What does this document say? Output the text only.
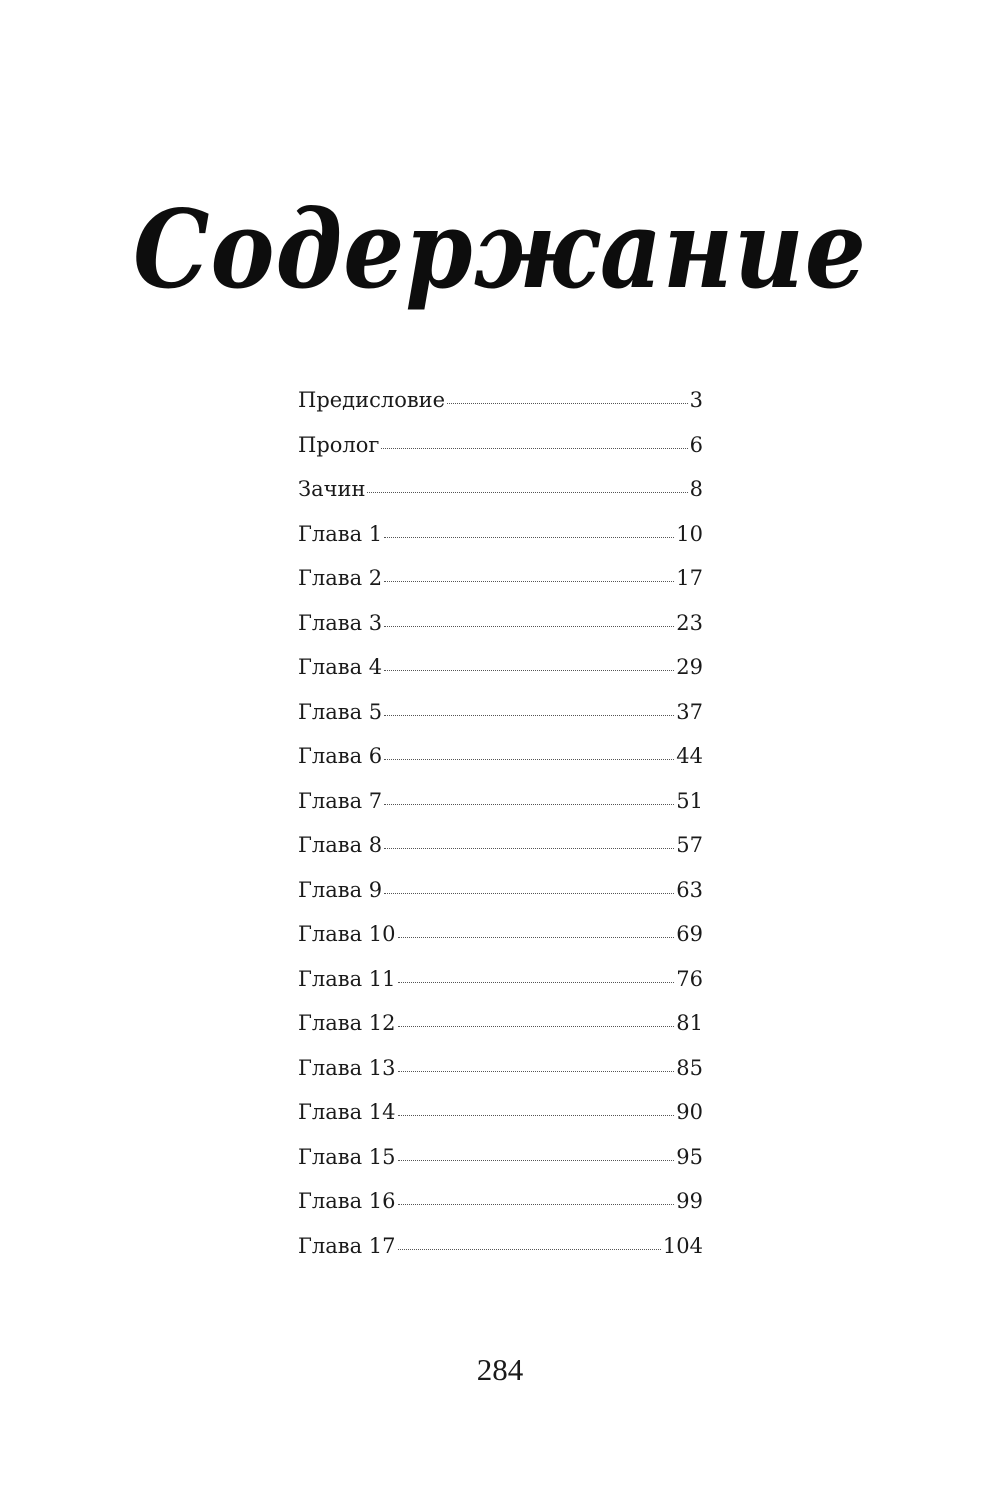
Содержание
Предисловие	3
Пролог	6
Зачин	8
Глава 1	10
Глава 2	17
Глава 3	23
Глава 4	29
Глава 5	37
Глава 6	44
Глава 7	51
Глава 8	57
Глава 9	63
Глава 10	69
Глава 11	76
Глава 12	81
Глава 13	85
Глава 14	90
Глава 15	95
Глава 16	99
Глава 17	104
284
